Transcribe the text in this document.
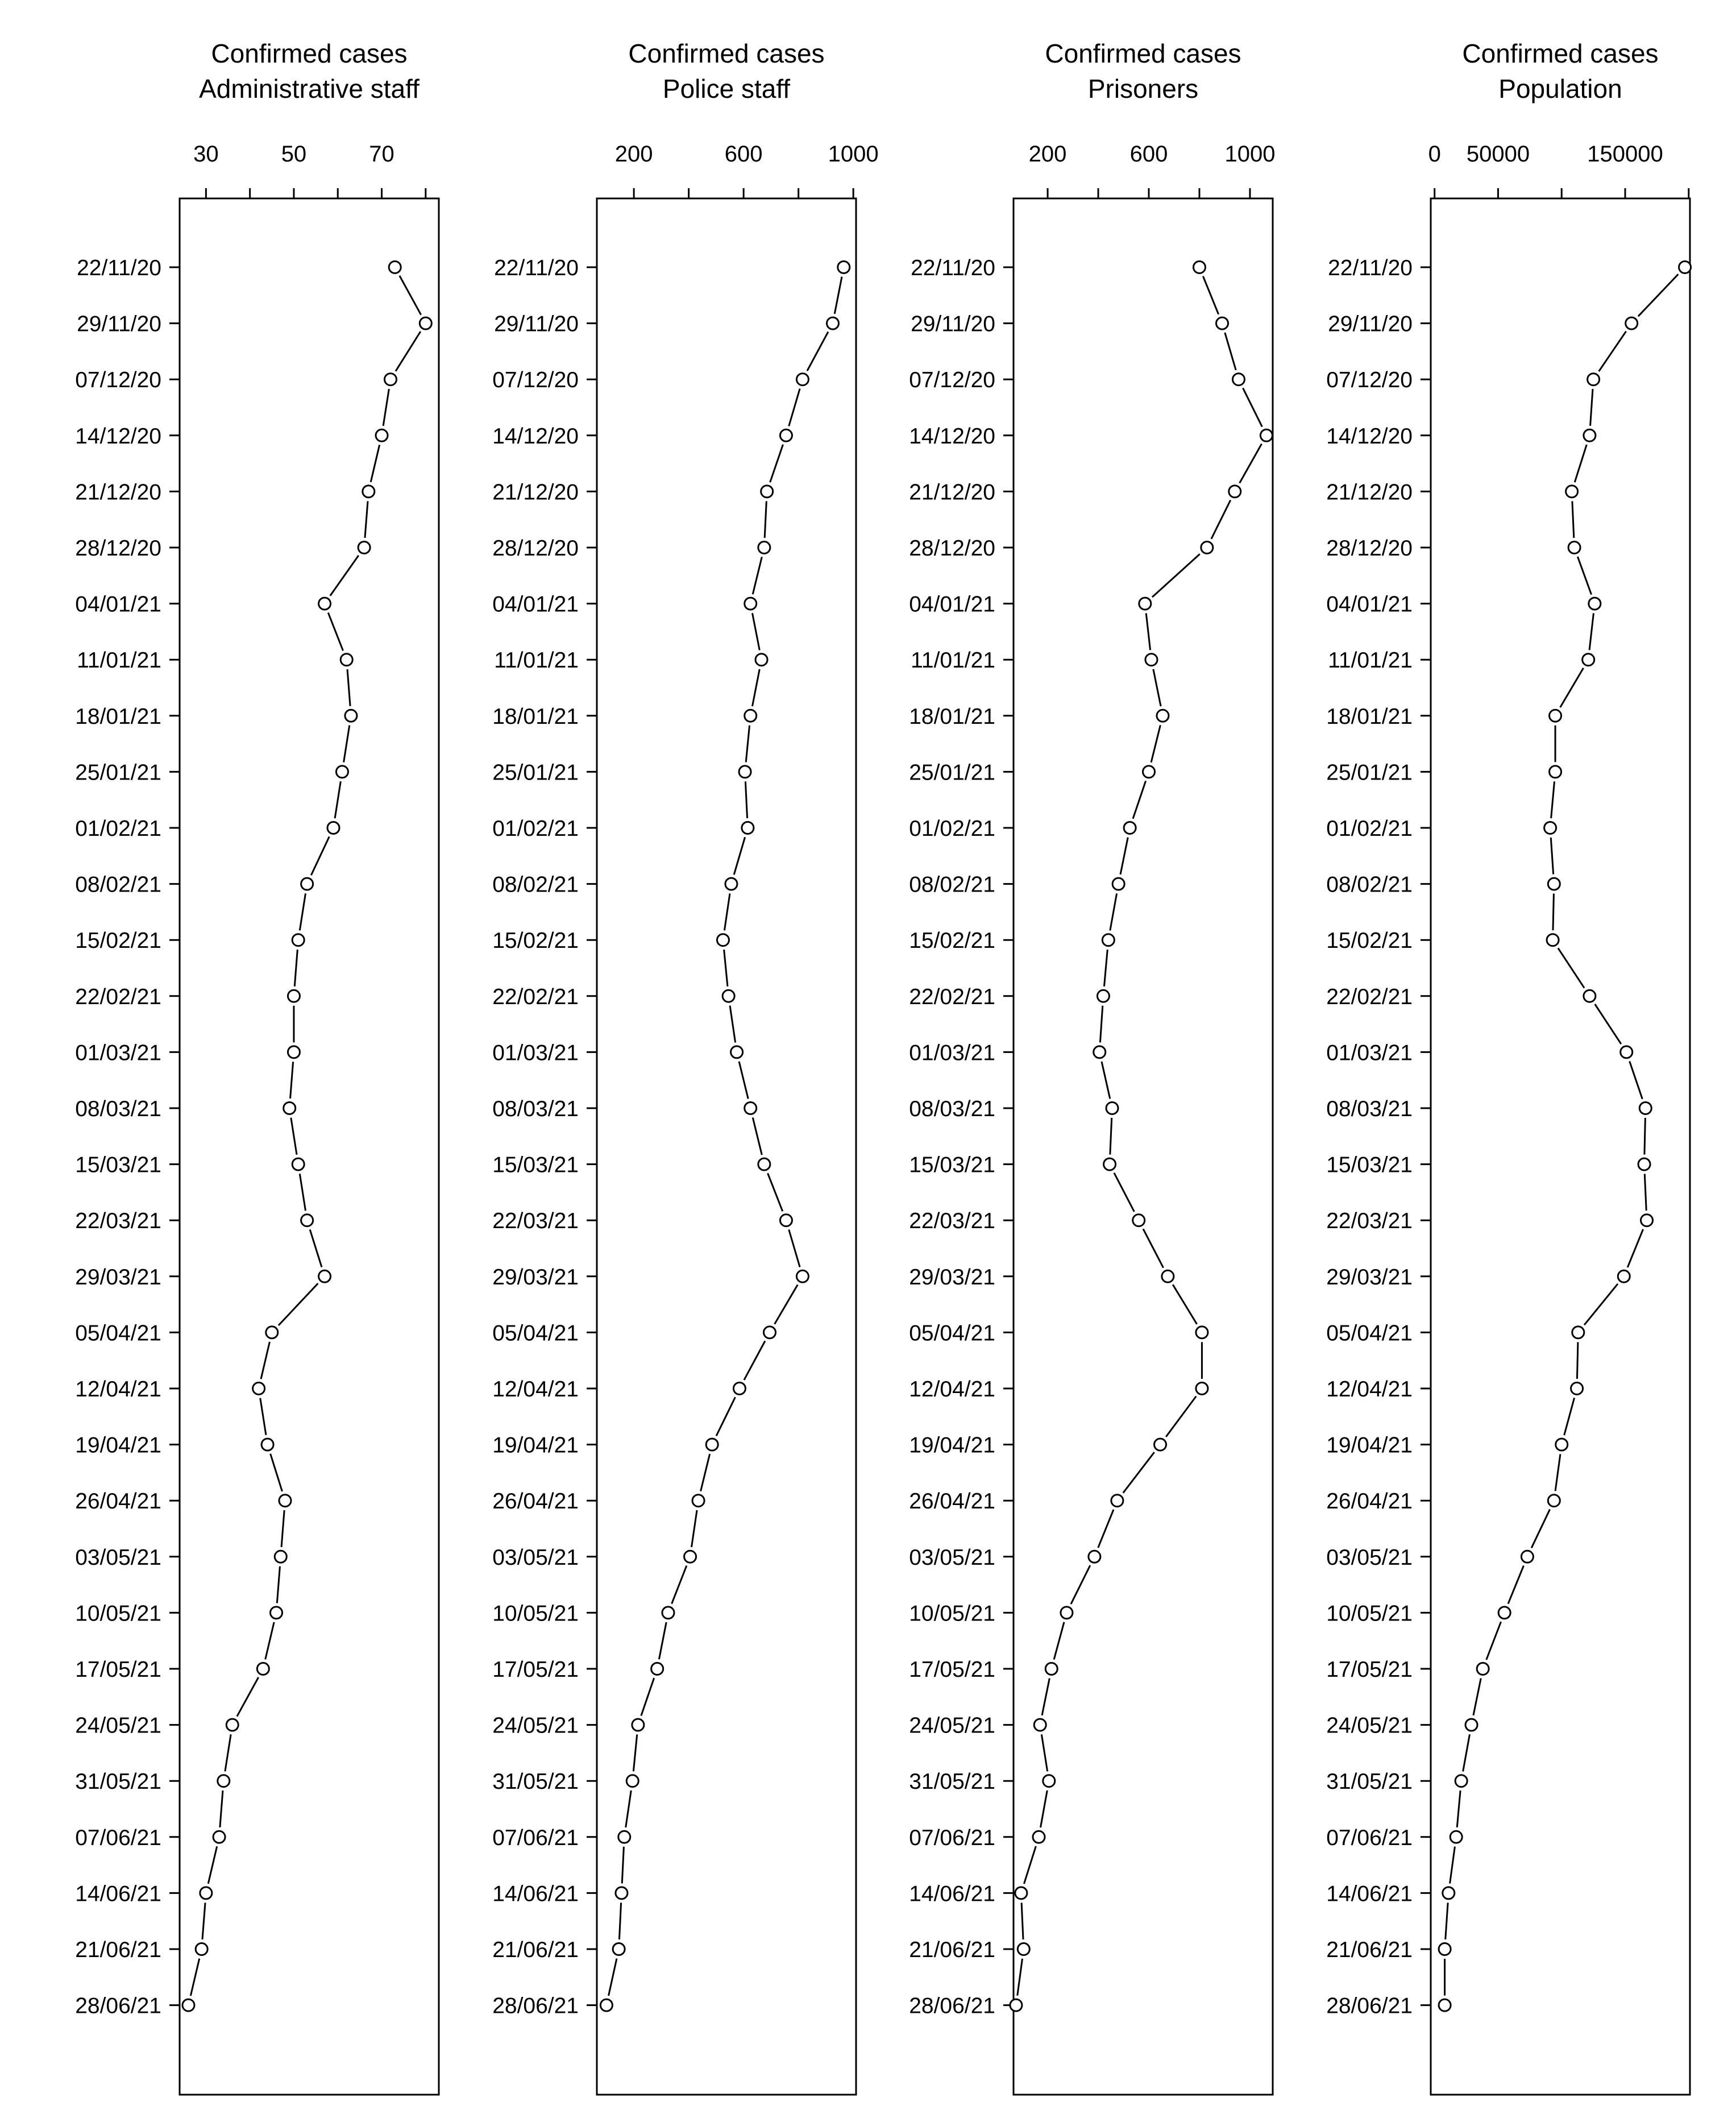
Confirmed cases
Administrative staff
30	50	70
22/11/20
29/11/20
07/12/20
14/12/20
21/12/20
28/12/20
04/01/21
11/01/21
18/01/21
25/01/21
01/02/21
08/02/21
15/02/21
22/02/21
01/03/21
08/03/21
15/03/21
22/03/21
29/03/21
05/04/21
12/04/21
19/04/21
26/04/21
03/05/21
10/05/21
17/05/21
24/05/21
31/05/21
07/06/21
14/06/21
21/06/21
28/06/21
Confirmed cases
Police staff
200	600	1000
22/11/20
29/11/20
07/12/20
14/12/20
21/12/20
28/12/20
04/01/21
11/01/21
18/01/21
25/01/21
01/02/21
08/02/21
15/02/21
22/02/21
01/03/21
08/03/21
15/03/21
22/03/21
29/03/21
05/04/21
12/04/21
19/04/21
26/04/21
03/05/21
10/05/21
17/05/21
24/05/21
31/05/21
07/06/21
14/06/21
21/06/21
28/06/21
Confirmed cases
Prisoners
200	600	1000
22/11/20
29/11/20
07/12/20
14/12/20
21/12/20
28/12/20
04/01/21
11/01/21
18/01/21
25/01/21
01/02/21
08/02/21
15/02/21
22/02/21
01/03/21
08/03/21
15/03/21
22/03/21
29/03/21
05/04/21
12/04/21
19/04/21
26/04/21
03/05/21
10/05/21
17/05/21
24/05/21
31/05/21
07/06/21
14/06/21
21/06/21
28/06/21
Confirmed cases
Population
0 50000	150000
22/11/20
29/11/20
07/12/20
14/12/20
21/12/20
28/12/20
04/01/21
11/01/21
18/01/21
25/01/21
01/02/21
08/02/21
15/02/21
22/02/21
01/03/21
08/03/21
15/03/21
22/03/21
29/03/21
05/04/21
12/04/21
19/04/21
26/04/21
03/05/21
10/05/21
17/05/21
24/05/21
31/05/21
07/06/21
14/06/21
21/06/21
28/06/21
